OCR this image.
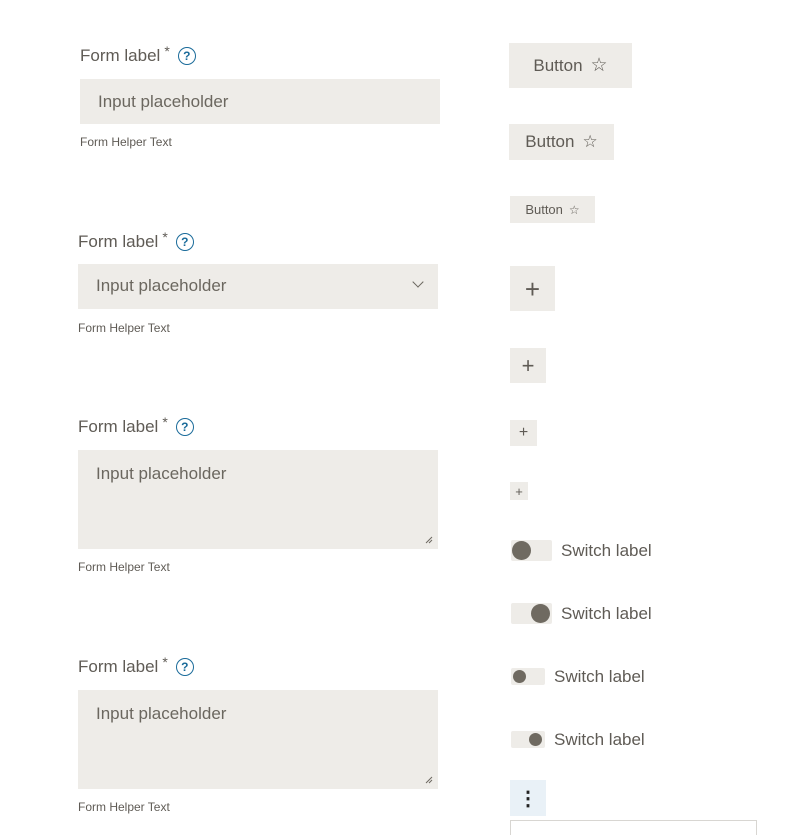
Form label *	?
Input placeholder
Form Helper Text
Form label *	?
Input placeholder
Form Helper Text
Form label *	?
Input placeholder
Form Helper Text
Form label *	?
Input placeholder
Form Helper Text
Button ☆
Button ☆
Button ☆
+
+
+
+
Switch label
Switch label
Switch label
Switch label
⋮
